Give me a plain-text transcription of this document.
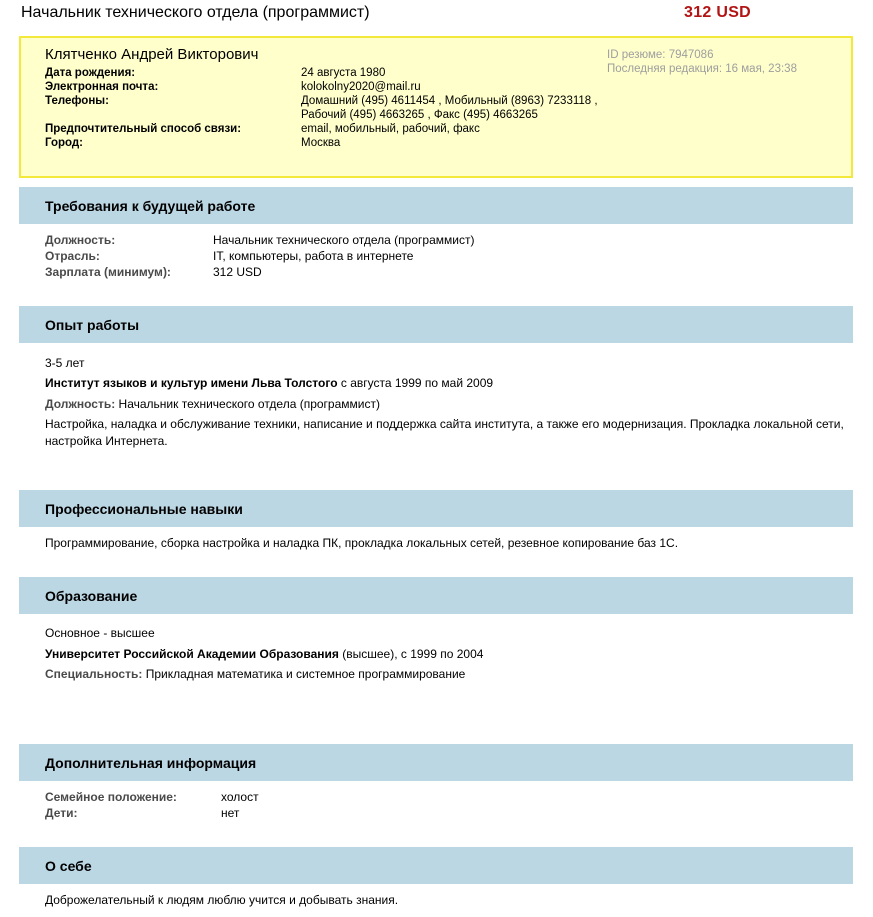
Начальник технического отдела (программист)	312 USD
Клятченко Андрей Викторович	ID резюме: 7947086
Последняя редакция: 16 мая, 23:38
Дата рождения:	24 августа 1980
Электронная почта:	kolokolny2020@mail.ru
Телефоны:	Домашний (495) 4611454 , Мобильный (8963) 7233118 ,
Рабочий (495) 4663265 , Факс (495) 4663265
Предпочтительный способ связи:	email, мобильный, рабочий, факс
Город:	Москва
Требования к будущей работе
Должность:	Начальник технического отдела (программист)
Отрасль:	IT, компьютеры, работа в интернете
Зарплата (минимум):	312 USD
Опыт работы
3-5 лет
Институт языков и культур имени Льва Толстого с августа 1999 по май 2009
Должность: Начальник технического отдела (программист)
Настройка, наладка и обслуживание техники, написание и поддержка сайта института, а также его модернизация. Прокладка локальной сети, настройка Интернета.
Профессиональные навыки
Программирование, сборка настройка и наладка ПК, прокладка локальных сетей, резевное копирование баз 1С.
Образование
Основное - высшее
Университет Российской Академии Образования (высшее), с 1999 по 2004
Специальность: Прикладная математика и системное программирование
Дополнительная информация
Семейное положение:	холост
Дети:	нет
О себе
Доброжелательный к людям люблю учится и добывать знания.
